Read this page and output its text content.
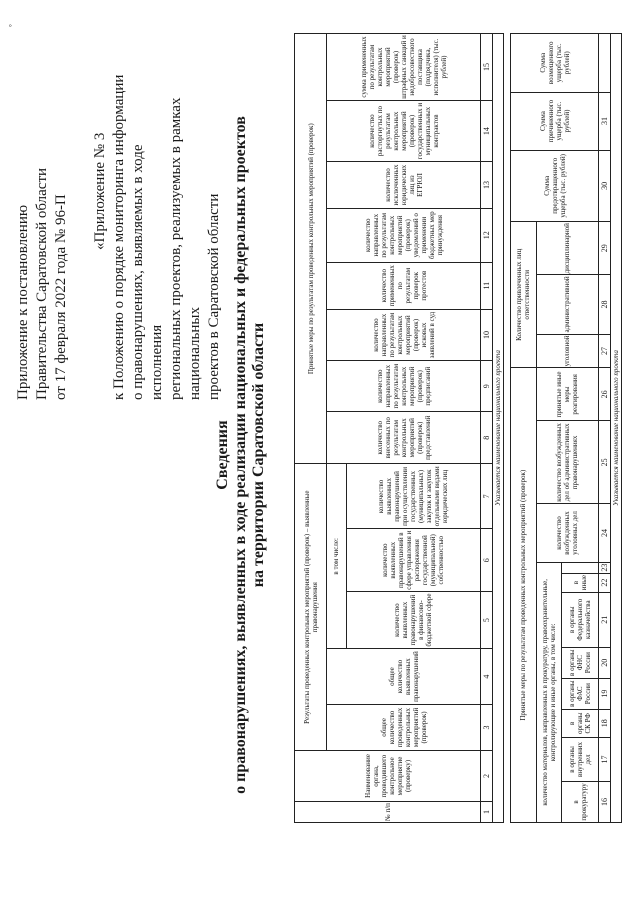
°
Приложение к постановлению Правительства Саратовской области от 17 февраля 2022 года № 96-П
«Приложение № 3 к Положению о порядке мониторинга информации о правонарушениях, выявляемых в ходе исполнения региональных проектов, реализуемых в рамках национальных проектов в Саратовской области
Сведения о правонарушениях, выявленных в ходе реализации национальных и федеральных проектов на территории Саратовской области
№ п/п	Наименование органа, проводившего контрольное мероприятие (проверку)	Результаты проведенных контрольных мероприятий (проверок) – выявленные правонарушения					Принятые меры по результатам проведенных контрольных мероприятий (проверок)							
		общее количество проведенных контрольных мероприятий (проверок)	общее количество выявленных правонарушений	в том числе:			количество внесенных по результатам контрольных мероприятий (проверок) представлений	количество направленных по результатам контрольных мероприятий (проверок) предписаний	количество направленных по результатам контрольных мероприятий (проверок) исковых заявлений в суд	количество примененных по результатам проверок протестов	количество направленных по результатам контрольных мероприятий (проверок) уведомлений о применении бюджетных мер принуждения	количество исключенных юридических лиц из ЕГРЮЛ	количество расторгнутых по результатам контрольных мероприятий (проверок) государственных и муниципальных контрактов	сумма примененных по результатам контрольных мероприятий (проверок) штрафных санкций и недобросовестного поставщика (подрядчика, исполнителя) (тыс. рублей)
				количество выявленных правонарушений в финансово-бюджетной сфере	количество выявленных правонарушений в сфере управления и распоряжения государственной (муниципальной) собственностью	количество выявленных правонарушений при осуществлении государственных (муниципальных) закупок и закупок отдельными видами юридических лиц								
1	2	3	4	5	6	7	8	9	10	11	12	13	14	15
Указывается наименование национального проекта														
Принятые меры по результатам проведенных контрольных мероприятий (проверок)											Количество привлеченных лиц ответственности			Сумма предотвращенного ущерба (тыс. рублей)	Сумма причиненного ущерба (тыс. рублей)	Сумма возмещенного ущерба (тыс. рублей)
количество материалов, направленных в прокуратуру, правоохранительные, контролирующие и иные органы, в том числе:								количество возбужденных уголовных дел	количество возбужденных дел об административных правонарушениях	принятые иные меры реагирования	уголовной	административной	дисциплинарной			
в прокуратуру	в органы внутренних дел	в органы СК РФ	в органы ФАС России	в органы ФНС России	в органы Федерального казначейства	в иные										
16	17	18	19	20	21	22	23	24	25	26	27	28	29	30	31	
Указывается наименование национального проекта																
